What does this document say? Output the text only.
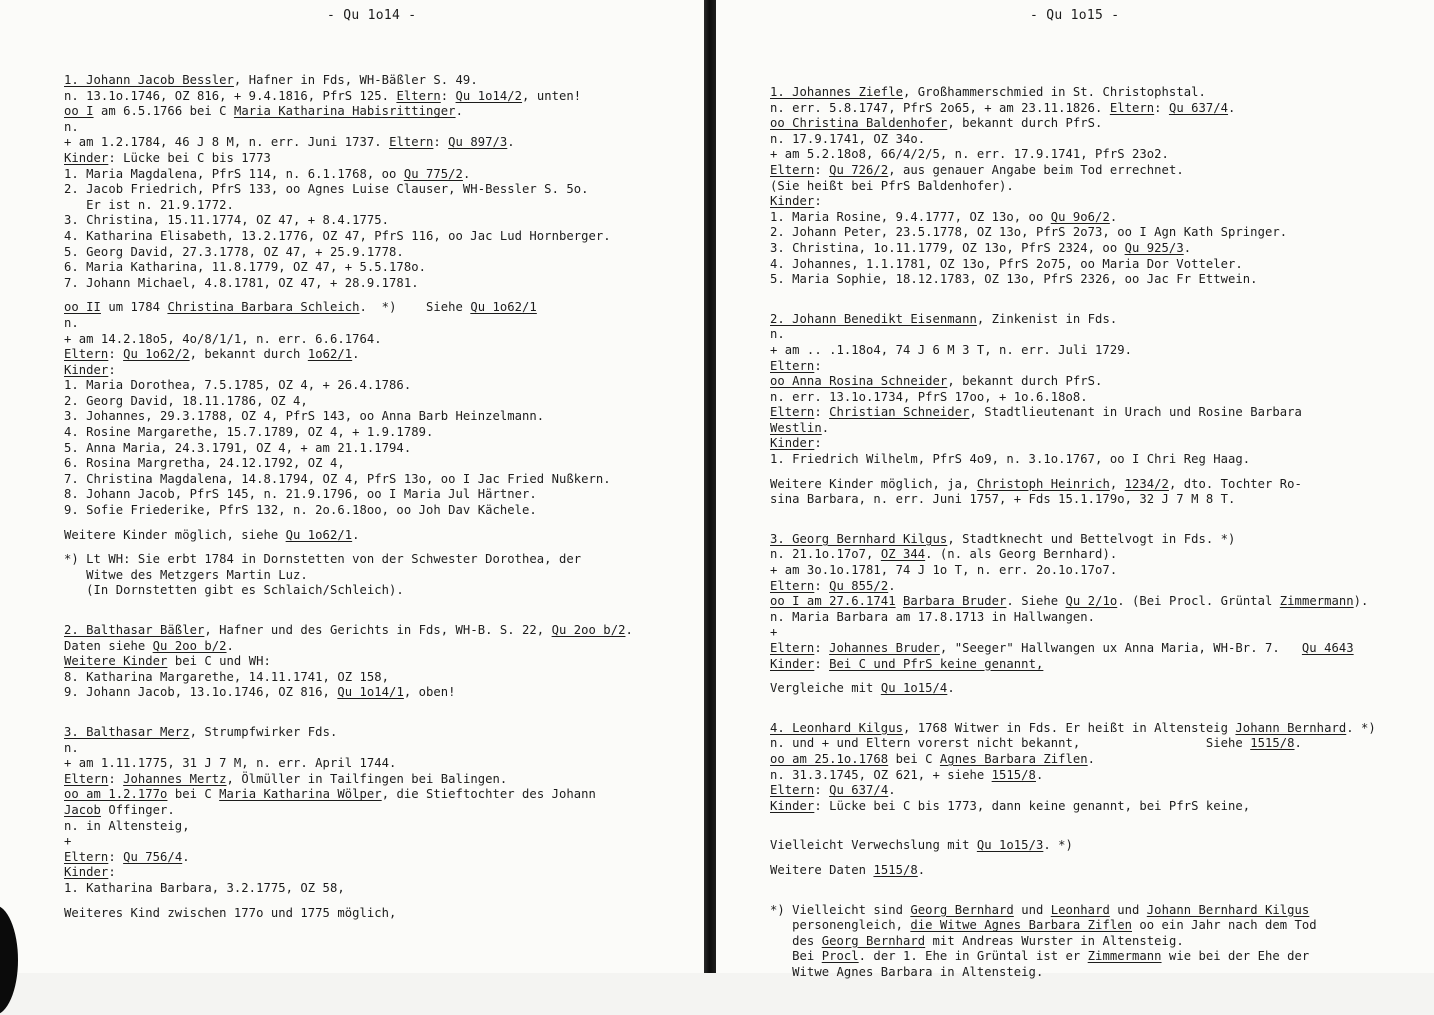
- Qu 1o14 -
1. Johann Jacob Bessler, Hafner in Fds, WH-Bäßler S. 49.
n. 13.1o.1746, OZ 816, + 9.4.1816, PfrS 125. Eltern: Qu 1o14/2, unten!
oo I am 6.5.1766 bei C Maria Katharina Habisrittinger.
n.
+ am 1.2.1784, 46 J 8 M, n. err. Juni 1737. Eltern: Qu 897/3.
Kinder: Lücke bei C bis 1773
1. Maria Magdalena, PfrS 114, n. 6.1.1768, oo Qu 775/2.
2. Jacob Friedrich, PfrS 133, oo Agnes Luise Clauser, WH-Bessler S. 5o.
Er ist n. 21.9.1772.
3. Christina, 15.11.1774, OZ 47, + 8.4.1775.
4. Katharina Elisabeth, 13.2.1776, OZ 47, PfrS 116, oo Jac Lud Hornberger.
5. Georg David, 27.3.1778, OZ 47, + 25.9.1778.
6. Maria Katharina, 11.8.1779, OZ 47, + 5.5.178o.
7. Johann Michael, 4.8.1781, OZ 47, + 28.9.1781.
oo II um 1784 Christina Barbara Schleich.  *)    Siehe Qu 1o62/1
n.
+ am 14.2.18o5, 4o/8/1/1, n. err. 6.6.1764.
Eltern: Qu 1o62/2, bekannt durch 1o62/1.
Kinder:
1. Maria Dorothea, 7.5.1785, OZ 4, + 26.4.1786.
2. Georg David, 18.11.1786, OZ 4,
3. Johannes, 29.3.1788, OZ 4, PfrS 143, oo Anna Barb Heinzelmann.
4. Rosine Margarethe, 15.7.1789, OZ 4, + 1.9.1789.
5. Anna Maria, 24.3.1791, OZ 4, + am 21.1.1794.
6. Rosina Margretha, 24.12.1792, OZ 4,
7. Christina Magdalena, 14.8.1794, OZ 4, PfrS 13o, oo I Jac Fried Nußkern.
8. Johann Jacob, PfrS 145, n. 21.9.1796, oo I Maria Jul Härtner.
9. Sofie Friederike, PfrS 132, n. 2o.6.18oo, oo Joh Dav Kächele.
Weitere Kinder möglich, siehe Qu 1o62/1.
*) Lt WH: Sie erbt 1784 in Dornstetten von der Schwester Dorothea, der
Witwe des Metzgers Martin Luz.
(In Dornstetten gibt es Schlaich/Schleich).
2. Balthasar Bäßler, Hafner und des Gerichts in Fds, WH-B. S. 22, Qu 2oo b/2.
Daten siehe Qu 2oo b/2.
Weitere Kinder bei C und WH:
8. Katharina Margarethe, 14.11.1741, OZ 158,
9. Johann Jacob, 13.1o.1746, OZ 816, Qu 1o14/1, oben!
3. Balthasar Merz, Strumpfwirker Fds.
n.
+ am 1.11.1775, 31 J 7 M, n. err. April 1744.
Eltern: Johannes Mertz, Ölmüller in Tailfingen bei Balingen.
oo am 1.2.177o bei C Maria Katharina Wölper, die Stieftochter des Johann
Jacob Offinger.
n. in Altensteig,
+
Eltern: Qu 756/4.
Kinder:
1. Katharina Barbara, 3.2.1775, OZ 58,
Weiteres Kind zwischen 177o und 1775 möglich,
- Qu 1o15 -
1. Johannes Ziefle, Großhammerschmied in St. Christophstal.
n. err. 5.8.1747, PfrS 2o65, + am 23.11.1826. Eltern: Qu 637/4.
oo Christina Baldenhofer, bekannt durch PfrS.
n. 17.9.1741, OZ 34o.
+ am 5.2.18o8, 66/4/2/5, n. err. 17.9.1741, PfrS 23o2.
Eltern: Qu 726/2, aus genauer Angabe beim Tod errechnet.
(Sie heißt bei PfrS Baldenhofer).
Kinder:
1. Maria Rosine, 9.4.1777, OZ 13o, oo Qu 9o6/2.
2. Johann Peter, 23.5.1778, OZ 13o, PfrS 2o73, oo I Agn Kath Springer.
3. Christina, 1o.11.1779, OZ 13o, PfrS 2324, oo Qu 925/3.
4. Johannes, 1.1.1781, OZ 13o, PfrS 2o75, oo Maria Dor Votteler.
5. Maria Sophie, 18.12.1783, OZ 13o, PfrS 2326, oo Jac Fr Ettwein.
2. Johann Benedikt Eisenmann, Zinkenist in Fds.
n.
+ am .. .1.18o4, 74 J 6 M 3 T, n. err. Juli 1729.
Eltern:
oo Anna Rosina Schneider, bekannt durch PfrS.
n. err. 13.1o.1734, PfrS 17oo, + 1o.6.18o8.
Eltern: Christian Schneider, Stadtlieutenant in Urach und Rosine Barbara
Westlin.
Kinder:
1. Friedrich Wilhelm, PfrS 4o9, n. 3.1o.1767, oo I Chri Reg Haag.
Weitere Kinder möglich, ja, Christoph Heinrich, 1234/2, dto. Tochter Ro-
sina Barbara, n. err. Juni 1757, + Fds 15.1.179o, 32 J 7 M 8 T.
3. Georg Bernhard Kilgus, Stadtknecht und Bettelvogt in Fds. *)
n. 21.1o.17o7, OZ 344. (n. als Georg Bernhard).
+ am 3o.1o.1781, 74 J 1o T, n. err. 2o.1o.17o7.
Eltern: Qu 855/2.
oo I am 27.6.1741 Barbara Bruder. Siehe Qu 2/1o. (Bei Procl. Grüntal Zimmermann).
n. Maria Barbara am 17.8.1713 in Hallwangen.
+
Eltern: Johannes Bruder, "Seeger" Hallwangen ux Anna Maria, WH-Br. 7.   Qu 4643
Kinder: Bei C und PfrS keine genannt,
Vergleiche mit Qu 1o15/4.
4. Leonhard Kilgus, 1768 Witwer in Fds. Er heißt in Altensteig Johann Bernhard. *)
n. und + und Eltern vorerst nicht bekannt,                 Siehe 1515/8.
oo am 25.1o.1768 bei C Agnes Barbara Ziflen.
n. 31.3.1745, OZ 621, + siehe 1515/8.
Eltern: Qu 637/4.
Kinder: Lücke bei C bis 1773, dann keine genannt, bei PfrS keine,
Vielleicht Verwechslung mit Qu 1o15/3. *)
Weitere Daten 1515/8.
*) Vielleicht sind Georg Bernhard und Leonhard und Johann Bernhard Kilgus
personengleich, die Witwe Agnes Barbara Ziflen oo ein Jahr nach dem Tod
des Georg Bernhard mit Andreas Wurster in Altensteig.
Bei Procl. der 1. Ehe in Grüntal ist er Zimmermann wie bei der Ehe der
Witwe Agnes Barbara in Altensteig.
